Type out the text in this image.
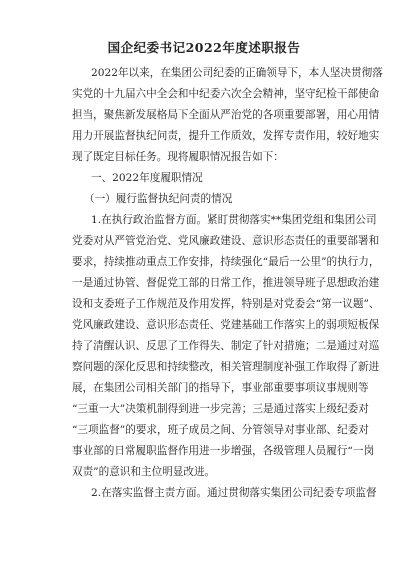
国企纪委书记2022年度述职报告
2022年以来，在集团公司纪委的正确领导下，本人坚决贯彻落
实党的十九届六中全会和中纪委六次全会精神，坚守纪检干部使命
担当，聚焦新发展格局下全面从严治党的各项重要部署，用心用情
用力开展监督执纪问责，提升工作质效，发挥专责作用，较好地实
现了既定目标任务。现将履职情况报告如下：
一、2022年度履职情况
（一）履行监督执纪问责的情况
1.在执行政治监督方面。紧盯贯彻落实**集团党组和集团公司
党委对从严管党治党、党风廉政建设、意识形态责任的重要部署和
要求，持续推动重点工作安排，持续强化“最后一公里”的执行力，
一是通过协管、督促党工部的日常工作，推进领导班子思想政治建
设和支委班子工作规范及作用发挥，特别是对党委会“第一议题”、
党风廉政建设、意识形态责任、党建基础工作落实上的弱项短板保
持了清醒认识、反思了工作得失、制定了针对措施；二是通过对巡
察问题的深化反思和持续整改，相关管理制度补强工作取得了新进
展，在集团公司相关部门的指导下，事业部重要事项议事规则等
“三重一大”决策机制得到进一步完善；三是通过落实上级纪委对
“三项监督”的要求，班子成员之间、分管领导对事业部、纪委对
事业部的日常履职监督作用进一步增强，各级管理人员履行“一岗
双责”的意识和主位明显改进。
2.在落实监督主责方面。通过贯彻落实集团公司纪委专项监督
